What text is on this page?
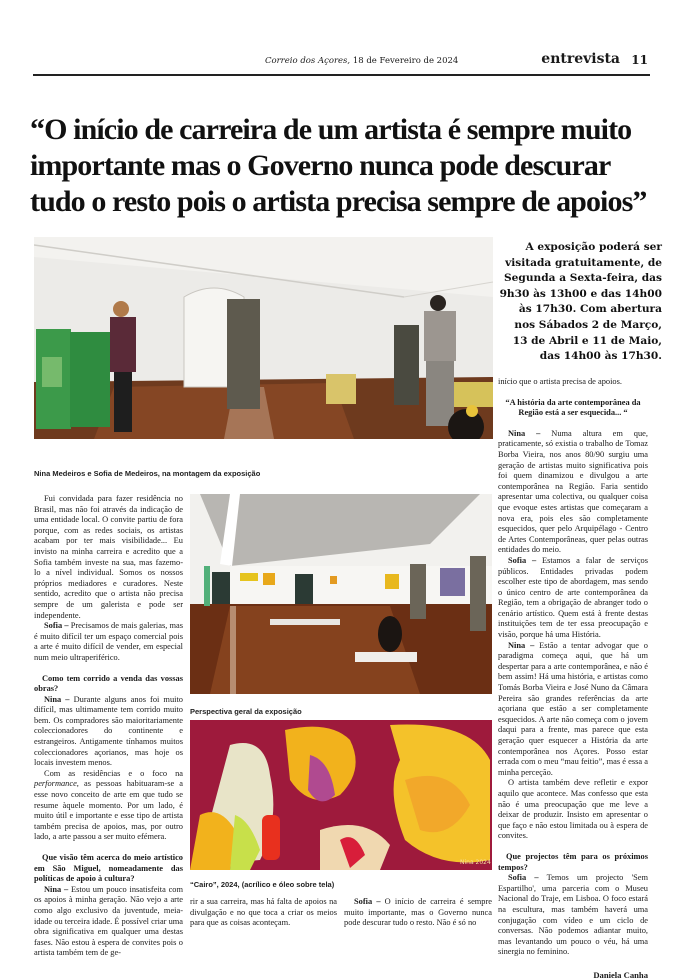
Correio dos Açores, 18 de Fevereiro de 2024	entrevista 11
“O início de carreira de um artista é sempre muito importante mas o Governo nunca pode descurar tudo o resto pois o artista precisa sempre de apoios”
Nina Medeiros e Sofia de Medeiros, na montagem da exposição
A exposição poderá ser visitada gratuitamente, de Segunda a Sexta-feira, das 9h30 às 13h00 e das 14h00 às 17h30. Com abertura nos Sábados 2 de Março, 13 de Abril e 11 de Maio, das 14h00 às 17h30.

Fui convidada para fazer residência no Brasil, mas não foi através da indicação de uma entidade local. O convite partiu de fora porque, com as redes sociais, os artistas acabam por ter mais visibilidade... Eu invisto na minha carreira e acredito que a Sofia também investe na sua, mas fazemo-lo a nível individual. Somos os nossos próprios mediadores e curadores. Neste sentido, acredito que o artista não precisa sempre de um galerista e pode ser independente.

Sofia – Precisamos de mais galerias, mas é muito difícil ter um espaço comercial pois a arte é muito difícil de vender, em especial num meio ultraperiférico.

Como tem corrido a venda das vossas obras?

Nina – Durante alguns anos foi muito difícil, mas ultimamente tem corrido muito bem. Os compradores são maioritariamente coleccionadores do continente e estrangeiros. Antigamente tínhamos muitos coleccionadores açorianos, mas hoje os locais investem menos.

Com as residências e o foco na performance, as pessoas habituaram-se a esse novo conceito de arte em que tudo se resume àquele momento. Por um lado, é muito útil e importante e esse tipo de artista também precisa de apoios, mas, por outro lado, a arte passou a ser muito efémera.

Que visão têm acerca do meio artístico em São Miguel, nomeadamente das políticas de apoio à cultura?

Nina – Estou um pouco insatisfeita com os apoios à minha geração. Não vejo a arte como algo exclusivo da juventude, meia-idade ou terceira idade. É possível criar uma obra significativa em qualquer uma destas fases. Não estou à espera de convites pois o artista também tem de ge-

Perspectiva geral da exposição
Nina 2024
“Cairo”, 2024, (acrílico e óleo sobre tela)

rir a sua carreira, mas há falta de apoios na divulgação e no que toca a criar os meios para que as coisas aconteçam.

Sofia – O início de carreira é sempre muito importante, mas o Governo nunca pode descurar tudo o resto. Não é só no

início que o artista precisa de apoios.

“A história da arte contemporânea da Região está a ser esquecida... “

Nina – Numa altura em que, praticamente, só existia o trabalho de Tomaz Borba Vieira, nos anos 80/90 surgiu uma geração de artistas muito significativa pois foi quem dinamizou e divulgou a arte contemporânea na Região. Faria sentido apresentar uma colectiva, ou qualquer coisa que evoque estes artistas que começaram a nova era, pois eles são completamente esquecidos, quer pelo Arquipélago - Centro de Artes Contemporâneas, quer pelas outras entidades do meio.

Sofia – Estamos a falar de serviços públicos. Entidades privadas podem escolher este tipo de abordagem, mas sendo o único centro de arte contemporânea da Região, tem a obrigação de abranger todo o cenário artístico. Quem está à frente destas instituições tem de ter essa preocupação e visão, porque há uma História.

Nina – Estão a tentar advogar que o paradigma começa aqui, que há um despertar para a arte contemporânea, e não é bem assim! Há uma história, e artistas como Tomás Borba Vieira e José Nuno da Câmara Pereira são grandes referências da arte açoriana que estão a ser completamente esquecidos. A arte não começa com o jovem daqui para a frente, mas parece que esta geração quer esquecer a História da arte contemporânea nos Açores. Posso estar errada com o meu “mau feitio”, mas é essa a minha perceção.

O artista também deve refletir e expor aquilo que acontece. Mas confesso que esta não é uma preocupação que me leve a deixar de produzir. Insisto em apresentar o que faço e não estou limitada ou à espera de convites.

Que projectos têm para os próximos tempos?

Sofia – Temos um projecto 'Sem Espartilho', uma parceria com o Museu Nacional do Traje, em Lisboa. O foco estará na escultura, mas também haverá uma conjugação com vídeo e um ciclo de conversas. Não podemos adiantar muito, mas levantando um pouco o véu, há uma sinergia no feminino.

Daniela Canha
